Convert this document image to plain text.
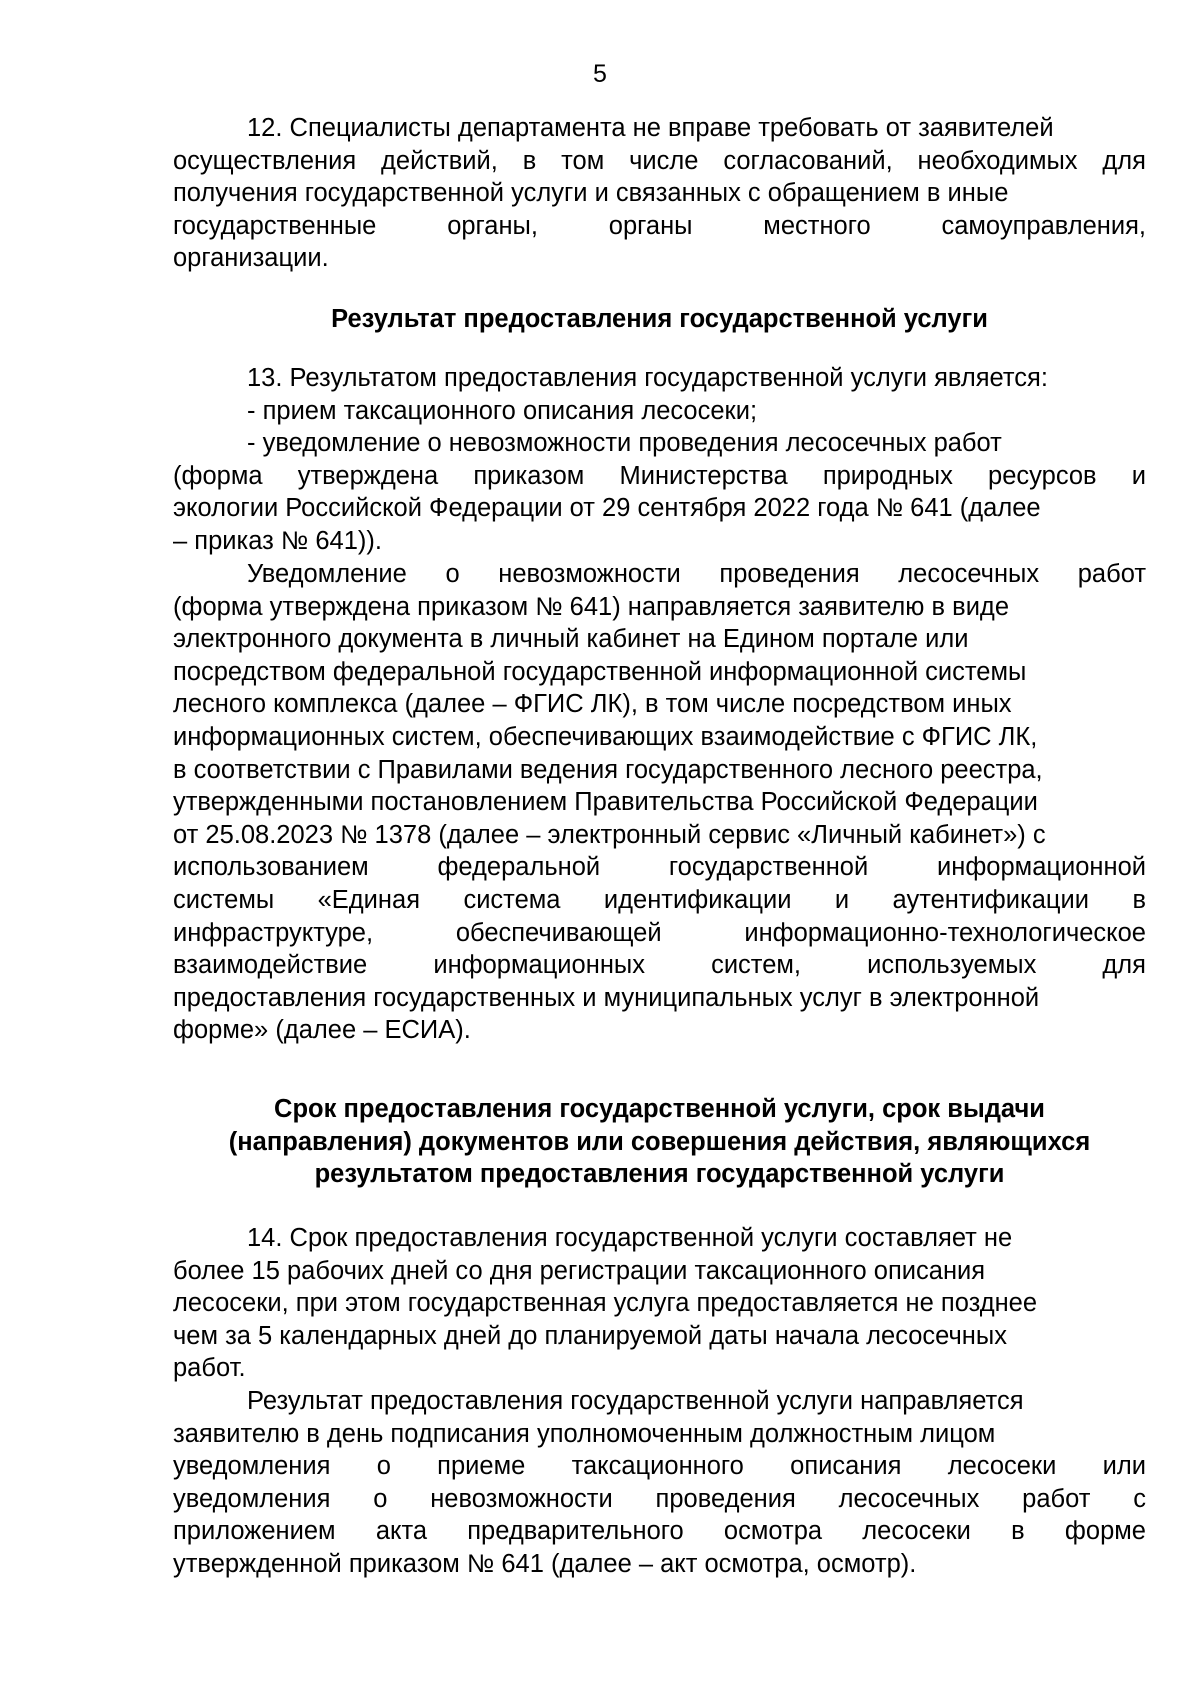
5
12. Специалисты департамента не вправе требовать от заявителей
осуществления действий, в том числе согласований, необходимых для
получения государственной услуги и связанных с обращением в иные
государственные органы, органы местного самоуправления,
организации.
Результат предоставления государственной услуги
13. Результатом предоставления государственной услуги является:
- прием таксационного описания лесосеки;
- уведомление о невозможности проведения лесосечных работ
(форма утверждена приказом Министерства природных ресурсов и
экологии Российской Федерации от 29 сентября 2022 года № 641 (далее
– приказ № 641)).
Уведомление о невозможности проведения лесосечных работ
(форма утверждена приказом № 641) направляется заявителю в виде
электронного документа в личный кабинет на Едином портале или
посредством федеральной государственной информационной системы
лесного комплекса (далее – ФГИС ЛК), в том числе посредством иных
информационных систем, обеспечивающих взаимодействие с ФГИС ЛК,
в соответствии с Правилами ведения государственного лесного реестра,
утвержденными постановлением Правительства Российской Федерации
от 25.08.2023 № 1378 (далее – электронный сервис «Личный кабинет») с
использованием федеральной государственной информационной
системы «Единая система идентификации и аутентификации в
инфраструктуре, обеспечивающей информационно-технологическое
взаимодействие информационных систем, используемых для
предоставления государственных и муниципальных услуг в электронной
форме» (далее – ЕСИА).
Срок предоставления государственной услуги, срок выдачи
(направления) документов или совершения действия, являющихся
результатом предоставления государственной услуги
14. Срок предоставления государственной услуги составляет не
более 15 рабочих дней со дня регистрации таксационного описания
лесосеки, при этом государственная услуга предоставляется не позднее
чем за 5 календарных дней до планируемой даты начала лесосечных
работ.
Результат предоставления государственной услуги направляется
заявителю в день подписания уполномоченным должностным лицом
уведомления о приеме таксационного описания лесосеки или
уведомления о невозможности проведения лесосечных работ с
приложением акта предварительного осмотра лесосеки в форме
утвержденной приказом № 641 (далее – акт осмотра, осмотр).
